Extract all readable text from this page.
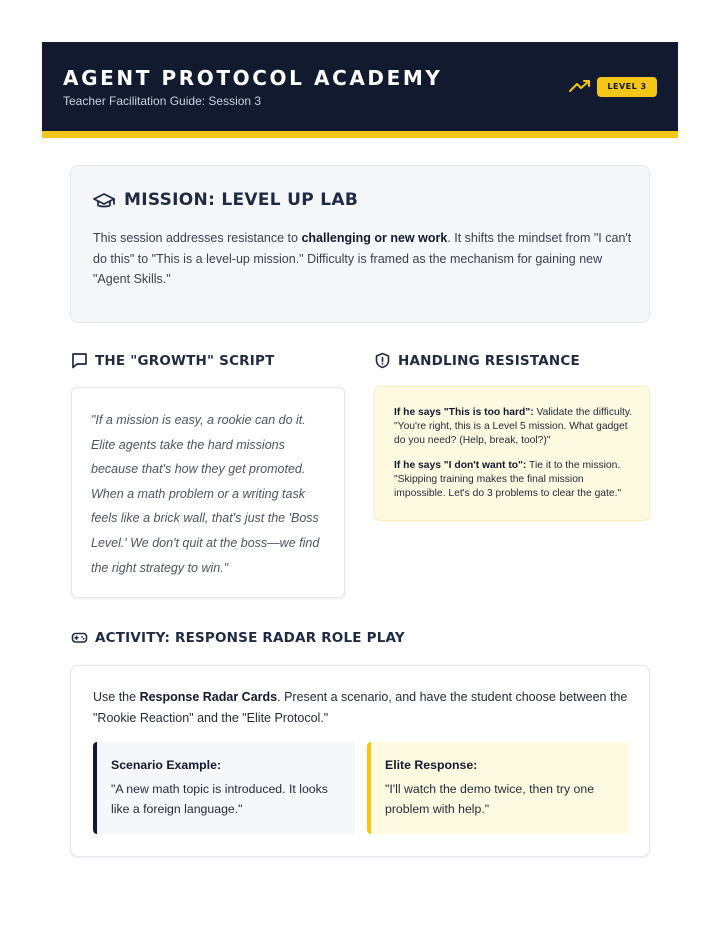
AGENT PROTOCOL ACADEMY
Teacher Facilitation Guide: Session 3
LEVEL 3
MISSION: LEVEL UP LAB

This session addresses resistance to challenging or new work. It shifts the mindset from "I can't do this" to "This is a level-up mission." Difficulty is framed as the mechanism for gaining new "Agent Skills."

THE "GROWTH" SCRIPT	HANDLING RESISTANCE

"If a mission is easy, a rookie can do it. Elite agents take the hard missions because that's how they get promoted. When a math problem or a writing task feels like a brick wall, that's just the 'Boss Level.' We don't quit at the boss—we find the right strategy to win."

If he says "This is too hard": Validate the difficulty. "You're right, this is a Level 5 mission. What gadget do you need? (Help, break, tool?)"

If he says "I don't want to": Tie it to the mission. "Skipping training makes the final mission impossible. Let's do 3 problems to clear the gate."

ACTIVITY: RESPONSE RADAR ROLE PLAY

Use the Response Radar Cards. Present a scenario, and have the student choose between the "Rookie Reaction" and the "Elite Protocol."

Scenario Example:
"A new math topic is introduced. It looks like a foreign language."
Elite Response:
"I'll watch the demo twice, then try one problem with help."
